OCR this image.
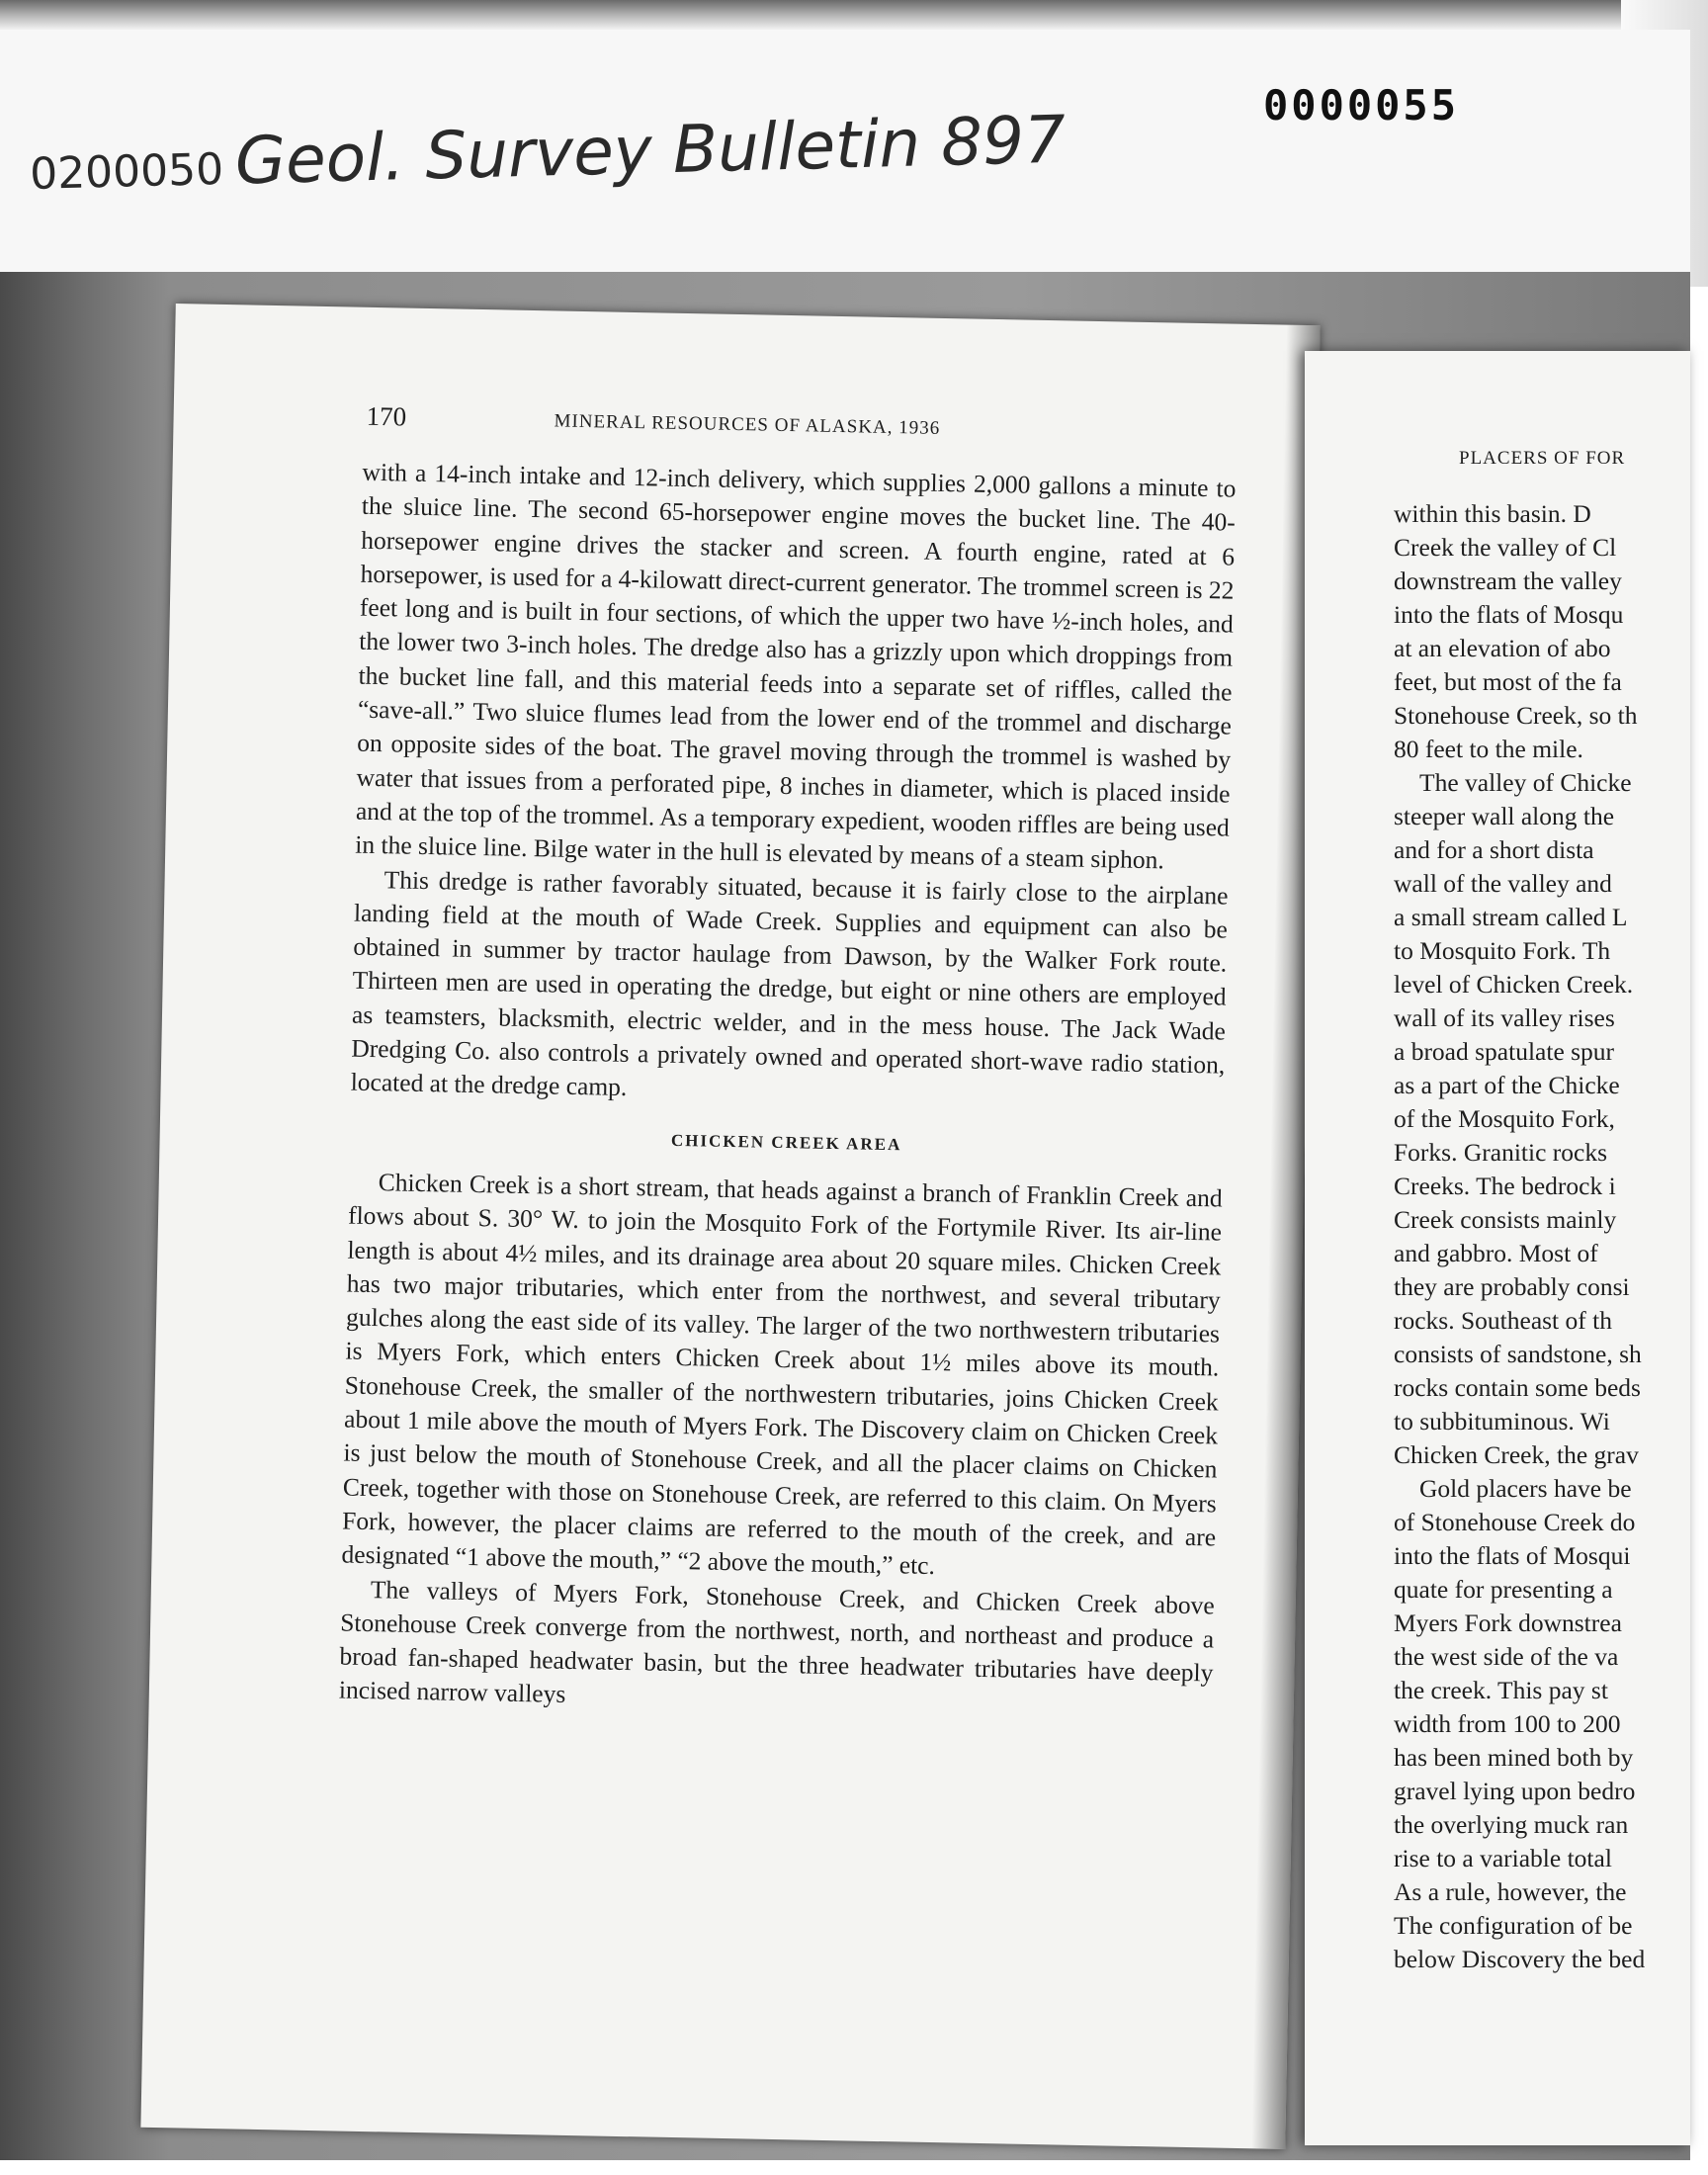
0000055
0200050 Geol. Survey Bulletin 897
170	MINERAL RESOURCES OF ALASKA, 1936

with a 14-inch intake and 12-inch delivery, which supplies 2,000 gallons a minute to the sluice line. The second 65-horsepower engine moves the bucket line. The 40-horsepower engine drives the stacker and screen. A fourth engine, rated at 6 horsepower, is used for a 4-kilowatt direct-current generator. The trommel screen is 22 feet long and is built in four sections, of which the upper two have ½-inch holes, and the lower two 3-inch holes. The dredge also has a grizzly upon which droppings from the bucket line fall, and this material feeds into a separate set of riffles, called the “save-all.” Two sluice flumes lead from the lower end of the trommel and discharge on opposite sides of the boat. The gravel moving through the trommel is washed by water that issues from a perforated pipe, 8 inches in diameter, which is placed inside and at the top of the trommel. As a temporary expedient, wooden riffles are being used in the sluice line. Bilge water in the hull is elevated by means of a steam siphon.

This dredge is rather favorably situated, because it is fairly close to the airplane landing field at the mouth of Wade Creek. Supplies and equipment can also be obtained in summer by tractor haulage from Dawson, by the Walker Fork route. Thirteen men are used in operating the dredge, but eight or nine others are employed as teamsters, blacksmith, electric welder, and in the mess house. The Jack Wade Dredging Co. also controls a privately owned and operated short-wave radio station, located at the dredge camp.

CHICKEN CREEK AREA

Chicken Creek is a short stream, that heads against a branch of Franklin Creek and flows about S. 30° W. to join the Mosquito Fork of the Fortymile River. Its air-line length is about 4½ miles, and its drainage area about 20 square miles. Chicken Creek has two major tributaries, which enter from the northwest, and several tributary gulches along the east side of its valley. The larger of the two northwestern tributaries is Myers Fork, which enters Chicken Creek about 1½ miles above its mouth. Stonehouse Creek, the smaller of the northwestern tributaries, joins Chicken Creek about 1 mile above the mouth of Myers Fork. The Discovery claim on Chicken Creek is just below the mouth of Stonehouse Creek, and all the placer claims on Chicken Creek, together with those on Stonehouse Creek, are referred to this claim. On Myers Fork, however, the placer claims are referred to the mouth of the creek, and are designated “1 above the mouth,” “2 above the mouth,” etc.

The valleys of Myers Fork, Stonehouse Creek, and Chicken Creek above Stonehouse Creek converge from the northwest, north, and northeast and produce a broad fan-shaped headwater basin, but the three headwater tributaries have deeply incised narrow valleys

PLACERS OF FOR
within this basin. D
Creek the valley of Cl
downstream the valley
into the flats of Mosqu
at an elevation of abo
feet, but most of the fa
Stonehouse Creek, so th
80 feet to the mile.
The valley of Chicke
steeper wall along the
and for a short dista
wall of the valley and
a small stream called L
to Mosquito Fork. Th
level of Chicken Creek.
wall of its valley rises
a broad spatulate spur
as a part of the Chicke
of the Mosquito Fork,
Forks. Granitic rocks
Creeks. The bedrock i
Creek consists mainly
and gabbro. Most of
they are probably consi
rocks. Southeast of th
consists of sandstone, sh
rocks contain some beds
to subbituminous. Wi
Chicken Creek, the grav
Gold placers have be
of Stonehouse Creek do
into the flats of Mosqui
quate for presenting a
Myers Fork downstrea
the west side of the va
the creek. This pay st
width from 100 to 200
has been mined both by
gravel lying upon bedro
the overlying muck ran
rise to a variable total
As a rule, however, the
The configuration of be
below Discovery the bed
